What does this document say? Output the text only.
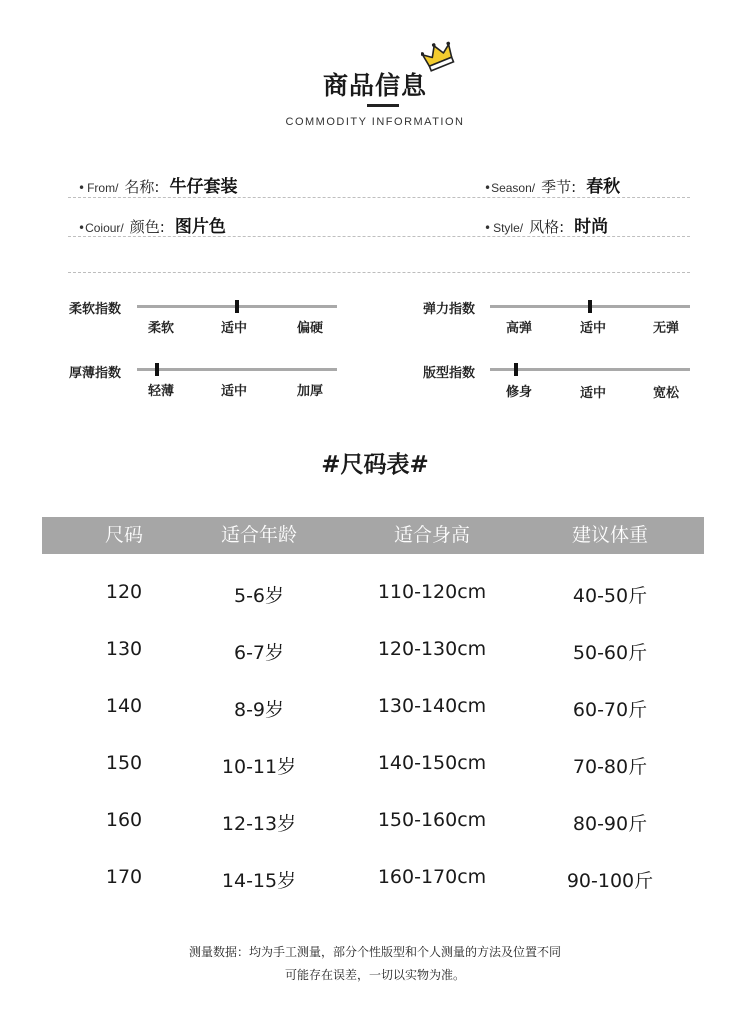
商品信息
COMMODITY INFORMATION
• From/ 名称: 牛仔套装	• Season/ 季节: 春秋
• Coiour/ 颜色: 图片色	• Style/ 风格: 时尚
柔软指数
柔软	适中	偏硬
弹力指数
高弹	适中	无弹
厚薄指数
轻薄	适中	加厚
版型指数
修身	适中	宽松
#尺码表#
尺码	适合年龄	适合身高	建议体重
120	5-6岁	110-120cm	40-50斤
130	6-7岁	120-130cm	50-60斤
140	8-9岁	130-140cm	60-70斤
150	10-11岁	140-150cm	70-80斤
160	12-13岁	150-160cm	80-90斤
170	14-15岁	160-170cm	90-100斤
测量数据：均为手工测量，部分个性版型和个人测量的方法及位置不同
可能存在误差，一切以实物为准。
